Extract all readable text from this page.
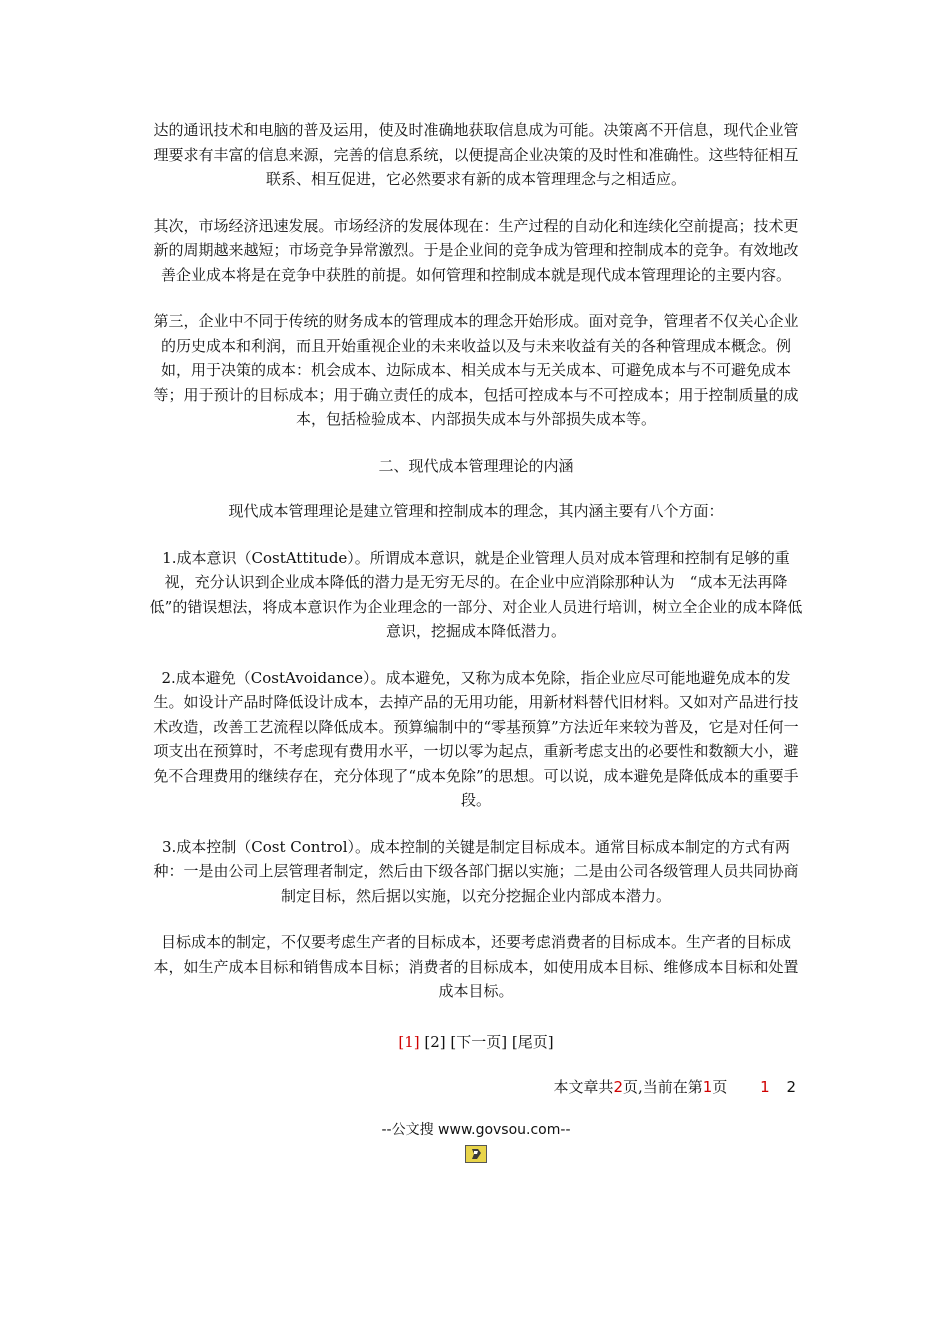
达的通讯技术和电脑的普及运用，使及时准确地获取信息成为可能。决策离不开信息，现代企业管理要求有丰富的信息来源，完善的信息系统，以便提高企业决策的及时性和准确性。这些特征相互联系、相互促进，它必然要求有新的成本管理理念与之相适应。

其次，市场经济迅速发展。市场经济的发展体现在：生产过程的自动化和连续化空前提高；技术更新的周期越来越短；市场竞争异常激烈。于是企业间的竞争成为管理和控制成本的竞争。有效地改善企业成本将是在竞争中获胜的前提。如何管理和控制成本就是现代成本管理理论的主要内容。

第三，企业中不同于传统的财务成本的管理成本的理念开始形成。面对竞争，管理者不仅关心企业的历史成本和利润，而且开始重视企业的未来收益以及与未来收益有关的各种管理成本概念。例如，用于决策的成本：机会成本、边际成本、相关成本与无关成本、可避免成本与不可避免成本等；用于预计的目标成本；用于确立责任的成本，包括可控成本与不可控成本；用于控制质量的成本，包括检验成本、内部损失成本与外部损失成本等。

二、现代成本管理理论的内涵

现代成本管理理论是建立管理和控制成本的理念，其内涵主要有八个方面：

1.成本意识（CostAttitude）。所谓成本意识，就是企业管理人员对成本管理和控制有足够的重视，充分认识到企业成本降低的潜力是无穷无尽的。在企业中应消除那种认为　“成本无法再降低”的错误想法，将成本意识作为企业理念的一部分、对企业人员进行培训，树立全企业的成本降低意识，挖掘成本降低潜力。

2.成本避免（CostAvoidance）。成本避免，又称为成本免除，指企业应尽可能地避免成本的发生。如设计产品时降低设计成本，去掉产品的无用功能，用新材料替代旧材料。又如对产品进行技术改造，改善工艺流程以降低成本。预算编制中的“零基预算”方法近年来较为普及，它是对任何一项支出在预算时，不考虑现有费用水平，一切以零为起点，重新考虑支出的必要性和数额大小，避免不合理费用的继续存在，充分体现了“成本免除”的思想。可以说，成本避免是降低成本的重要手段。

3.成本控制（Cost Control）。成本控制的关键是制定目标成本。通常目标成本制定的方式有两种：一是由公司上层管理者制定，然后由下级各部门据以实施；二是由公司各级管理人员共同协商制定目标，然后据以实施，以充分挖掘企业内部成本潜力。

目标成本的制定，不仅要考虑生产者的目标成本，还要考虑消费者的目标成本。生产者的目标成本，如生产成本目标和销售成本目标；消费者的目标成本，如使用成本目标、维修成本目标和处置成本目标。

[1] [2] [下一页] [尾页]
本文章共2页,当前在第1页 1 2
--公文搜 www.govsou.com--
